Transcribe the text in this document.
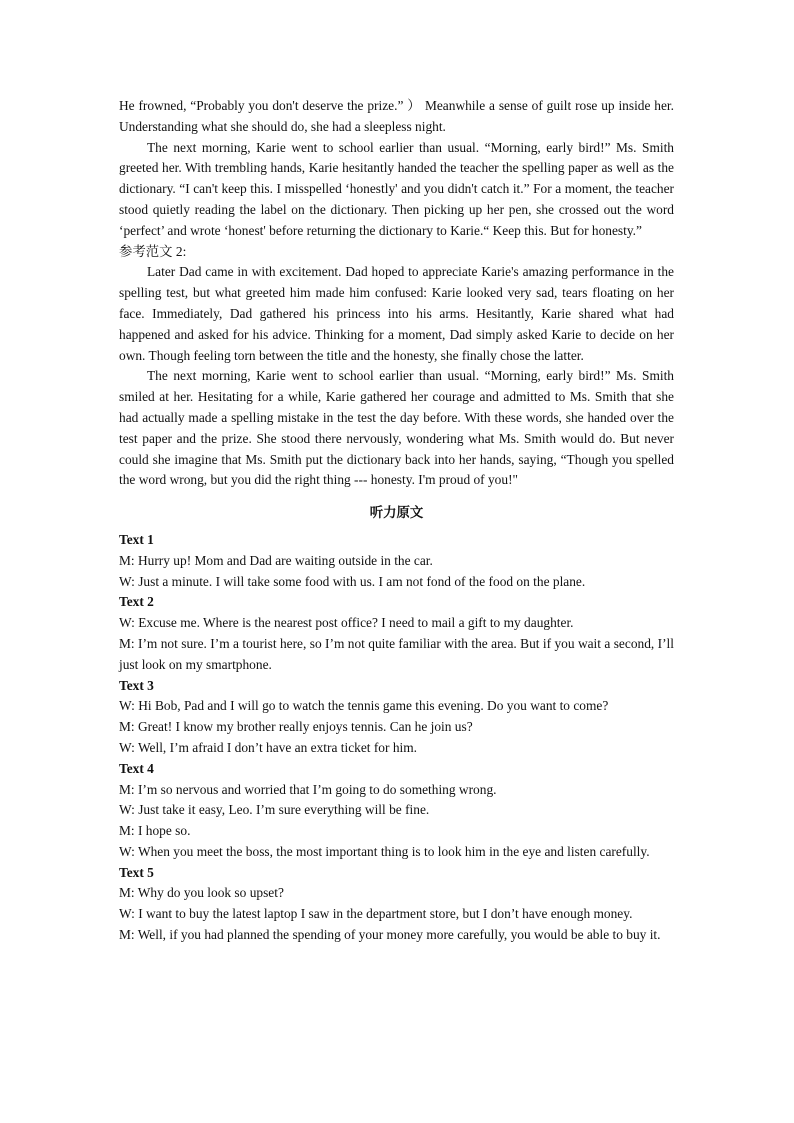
He frowned, “Probably you don't deserve the prize.” ） Meanwhile a sense of guilt rose up inside her. Understanding what she should do, she had a sleepless night.

The next morning, Karie went to school earlier than usual. “Morning, early bird!” Ms. Smith greeted her. With trembling hands, Karie hesitantly handed the teacher the spelling paper as well as the dictionary. “I can't keep this. I misspelled ‘honestly' and you didn't catch it.” For a moment, the teacher stood quietly reading the label on the dictionary. Then picking up her pen, she crossed out the word ‘perfect’ and wrote ‘honest' before returning the dictionary to Karie.“ Keep this. But for honesty.”

参考范文 2:

Later Dad came in with excitement. Dad hoped to appreciate Karie's amazing performance in the spelling test, but what greeted him made him confused: Karie looked very sad, tears floating on her face. Immediately, Dad gathered his princess into his arms. Hesitantly, Karie shared what had happened and asked for his advice. Thinking for a moment, Dad simply asked Karie to decide on her own. Though feeling torn between the title and the honesty, she finally chose the latter.

The next morning, Karie went to school earlier than usual. “Morning, early bird!” Ms. Smith smiled at her. Hesitating for a while, Karie gathered her courage and admitted to Ms. Smith that she had actually made a spelling mistake in the test the day before. With these words, she handed over the test paper and the prize. She stood there nervously, wondering what Ms. Smith would do. But never could she imagine that Ms. Smith put the dictionary back into her hands, saying, “Though you spelled the word wrong, but you did the right thing --- honesty. I'm proud of you!"

听力原文

Text 1

M: Hurry up! Mom and Dad are waiting outside in the car.

W: Just a minute. I will take some food with us. I am not fond of the food on the plane.

Text 2

W: Excuse me. Where is the nearest post office? I need to mail a gift to my daughter.

M: I’m not sure. I’m a tourist here, so I’m not quite familiar with the area. But if you wait a second, I’ll just look on my smartphone.

Text 3

W: Hi Bob, Pad and I will go to watch the tennis game this evening. Do you want to come?

M: Great! I know my brother really enjoys tennis. Can he join us?

W: Well, I’m afraid I don’t have an extra ticket for him.

Text 4

M: I’m so nervous and worried that I’m going to do something wrong.

W: Just take it easy, Leo. I’m sure everything will be fine.

M: I hope so.

W: When you meet the boss, the most important thing is to look him in the eye and listen carefully.

Text 5

M: Why do you look so upset?

W: I want to buy the latest laptop I saw in the department store, but I don’t have enough money.

M: Well, if you had planned the spending of your money more carefully, you would be able to buy it.
